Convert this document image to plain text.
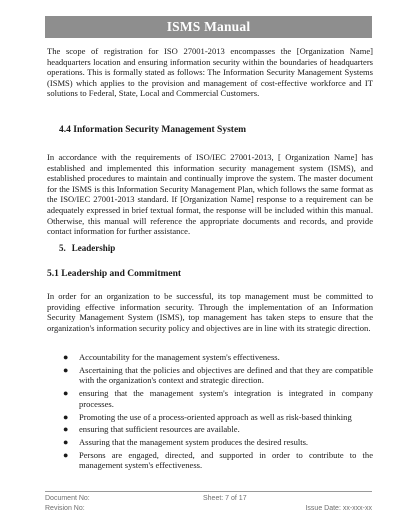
ISMS Manual

The scope of registration for ISO 27001-2013 encompasses the [Organization Name] headquarters location and ensuring information security within the boundaries of headquarters operations. This is formally stated as follows: The Information Security Management Systems (ISMS) which applies to the provision and management of cost-effective workforce and IT solutions to Federal, State, Local and Commercial Customers.

4.4 Information Security Management System

In accordance with the requirements of ISO/IEC 27001-2013, [ Organization Name] has established and implemented this information security management system (ISMS), and established procedures to maintain and continually improve the system. The master document for the ISMS is this Information Security Management Plan, which follows the same format as the ISO/IEC 27001-2013 standard. If [Organization Name] response to a requirement can be adequately expressed in brief textual format, the response will be included within this manual. Otherwise, this manual will reference the appropriate documents and records, and provide contact information for further assistance.

5. Leadership
5.1 Leadership and Commitment

In order for an organization to be successful, its top management must be committed to providing effective information security. Through the implementation of an Information Security Management System (ISMS), top management has taken steps to ensure that the organization's information security policy and objectives are in line with its strategic direction.

● Accountability for the management system's effectiveness.
● Ascertaining that the policies and objectives are defined and that they are compatible with the organization's context and strategic direction.
● ensuring that the management system's integration is integrated in company processes.
● Promoting the use of a process-oriented approach as well as risk-based thinking
● ensuring that sufficient resources are available.
● Assuring that the management system produces the desired results.
● Persons are engaged, directed, and supported in order to contribute to the management system's effectiveness.
Document No:	Sheet: 7 of 17
Revision No:	Issue Date: xx-xxx-xx
